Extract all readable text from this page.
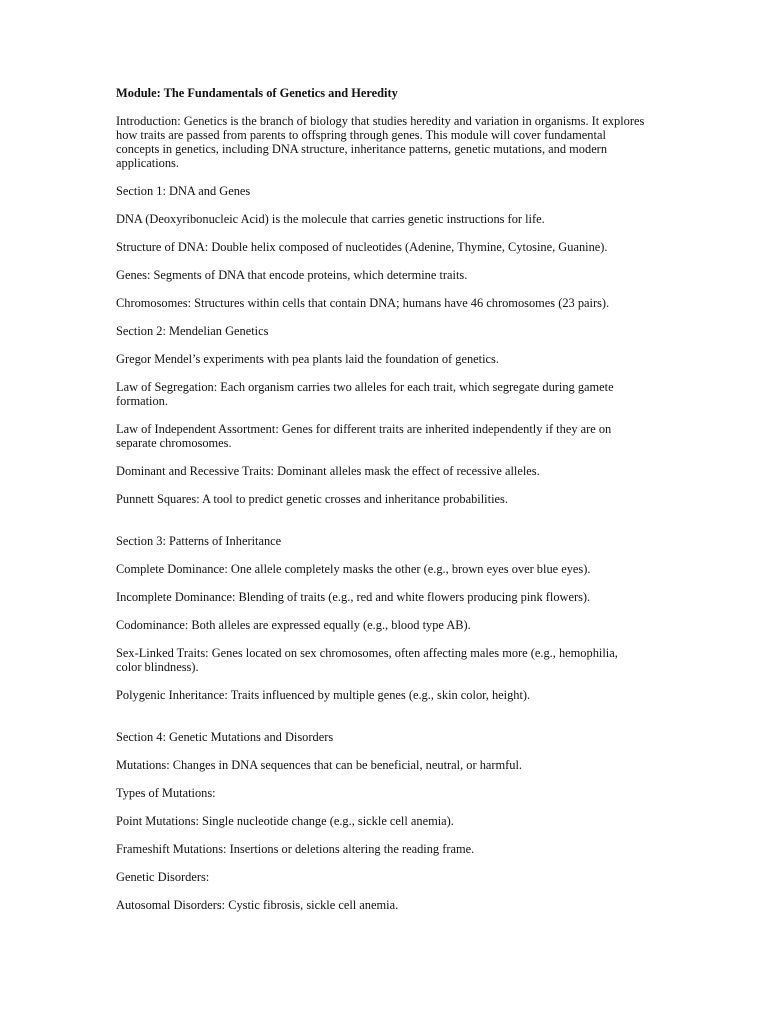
Module: The Fundamentals of Genetics and Heredity

Introduction: Genetics is the branch of biology that studies heredity and variation in organisms. It explores how traits are passed from parents to offspring through genes. This module will cover fundamental concepts in genetics, including DNA structure, inheritance patterns, genetic mutations, and modern applications.

Section 1: DNA and Genes

DNA (Deoxyribonucleic Acid) is the molecule that carries genetic instructions for life.

Structure of DNA: Double helix composed of nucleotides (Adenine, Thymine, Cytosine, Guanine).

Genes: Segments of DNA that encode proteins, which determine traits.

Chromosomes: Structures within cells that contain DNA; humans have 46 chromosomes (23 pairs).

Section 2: Mendelian Genetics

Gregor Mendel’s experiments with pea plants laid the foundation of genetics.

Law of Segregation: Each organism carries two alleles for each trait, which segregate during gamete formation.

Law of Independent Assortment: Genes for different traits are inherited independently if they are on separate chromosomes.

Dominant and Recessive Traits: Dominant alleles mask the effect of recessive alleles.

Punnett Squares: A tool to predict genetic crosses and inheritance probabilities.

Section 3: Patterns of Inheritance

Complete Dominance: One allele completely masks the other (e.g., brown eyes over blue eyes).

Incomplete Dominance: Blending of traits (e.g., red and white flowers producing pink flowers).

Codominance: Both alleles are expressed equally (e.g., blood type AB).

Sex-Linked Traits: Genes located on sex chromosomes, often affecting males more (e.g., hemophilia, color blindness).

Polygenic Inheritance: Traits influenced by multiple genes (e.g., skin color, height).

Section 4: Genetic Mutations and Disorders

Mutations: Changes in DNA sequences that can be beneficial, neutral, or harmful.

Types of Mutations:

Point Mutations: Single nucleotide change (e.g., sickle cell anemia).

Frameshift Mutations: Insertions or deletions altering the reading frame.

Genetic Disorders:

Autosomal Disorders: Cystic fibrosis, sickle cell anemia.
